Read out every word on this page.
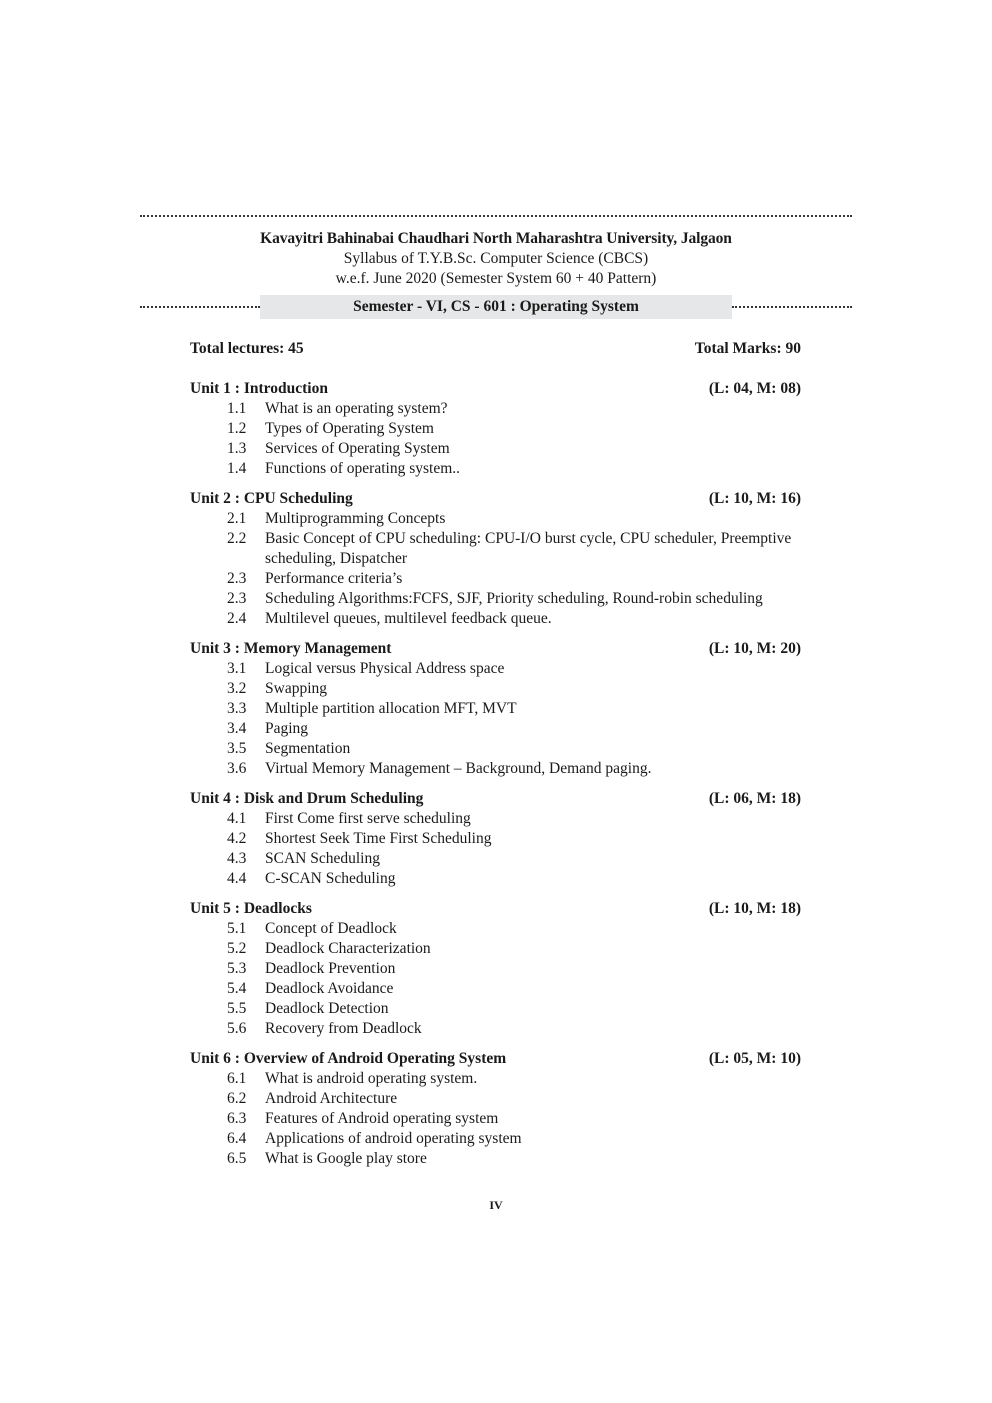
Kavayitri Bahinabai Chaudhari North Maharashtra University, Jalgaon
Syllabus of T.Y.B.Sc. Computer Science (CBCS)
w.e.f. June 2020 (Semester System 60 + 40 Pattern)
Semester - VI, CS - 601 : Operating System
Total lectures: 45	Total Marks: 90
Unit 1 : Introduction	(L: 04, M: 08)
1.1	What is an operating system?
1.2	Types of Operating System
1.3	Services of Operating System
1.4	Functions of operating system..
Unit 2 : CPU Scheduling	(L: 10, M: 16)
2.1	Multiprogramming Concepts
2.2	Basic Concept of CPU scheduling: CPU-I/O burst cycle, CPU scheduler, Preemptive scheduling, Dispatcher
2.3	Performance criteria’s
2.3	Scheduling Algorithms:FCFS, SJF, Priority scheduling, Round-robin scheduling
2.4	Multilevel queues, multilevel feedback queue.
Unit 3 : Memory Management	(L: 10, M: 20)
3.1	Logical versus Physical Address space
3.2	Swapping
3.3	Multiple partition allocation MFT, MVT
3.4	Paging
3.5	Segmentation
3.6	Virtual Memory Management – Background, Demand paging.
Unit 4 : Disk and Drum Scheduling	(L: 06, M: 18)
4.1	First Come first serve scheduling
4.2	Shortest Seek Time First Scheduling
4.3	SCAN Scheduling
4.4	C-SCAN Scheduling
Unit 5 : Deadlocks	(L: 10, M: 18)
5.1	Concept of Deadlock
5.2	Deadlock Characterization
5.3	Deadlock Prevention
5.4	Deadlock Avoidance
5.5	Deadlock Detection
5.6	Recovery from Deadlock
Unit 6 : Overview of Android Operating System	(L: 05, M: 10)
6.1	What is android operating system.
6.2	Android Architecture
6.3	Features of Android operating system
6.4	Applications of android operating system
6.5	What is Google play store
IV
